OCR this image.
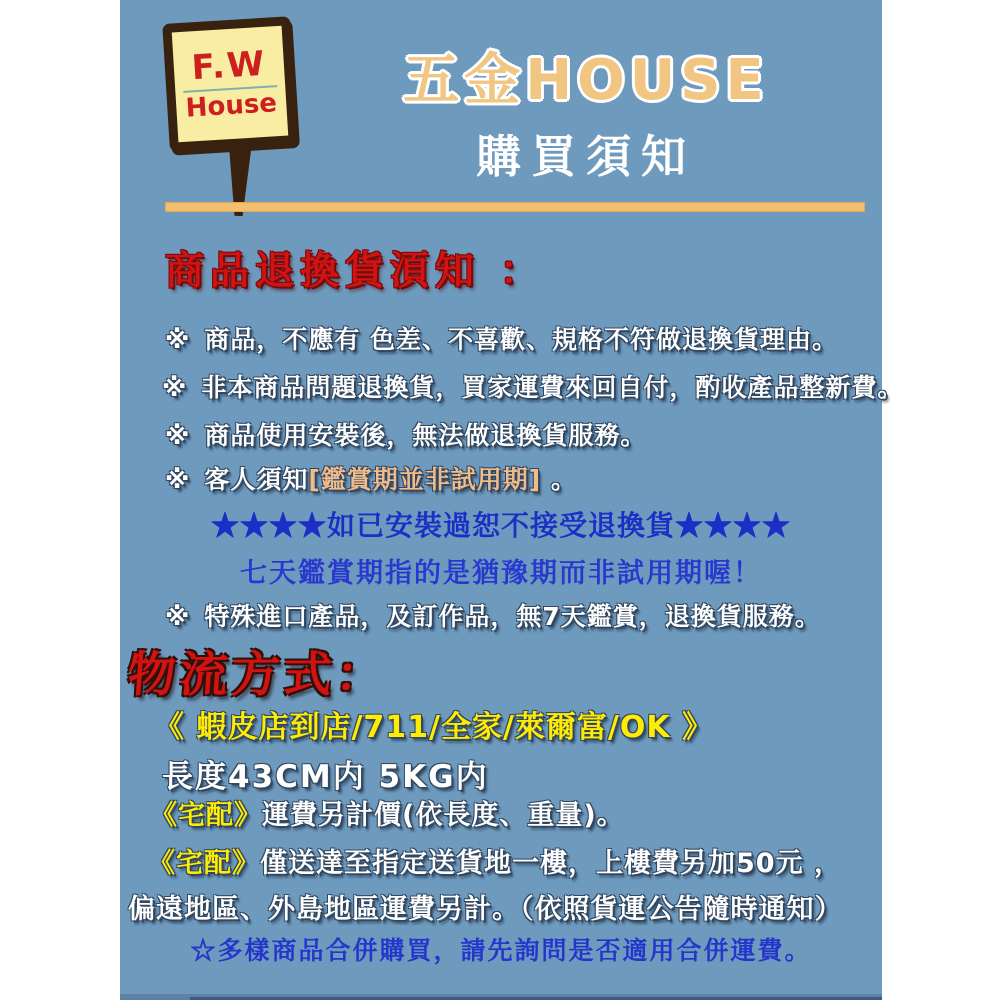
F.W
House	五金HOUSE
購買須知
商品退換貨湏知 ：
※ 商品，不應有 色差、不喜歡、規格不符做退換貨理由。
※ 非本商品問題退換貨，買家運費來回自付，酌收產品整新費。
※ 商品使用安裝後，無法做退換貨服務。
※ 客人須知[鑑賞期並非試用期] 。
★★★★如已安裝過恕不接受退換貨★★★★
七天鑑賞期指的是猶豫期而非試用期喔！
※ 特殊進口產品，及訂作品，無7天鑑賞，退換貨服務。
物流方式：
《 蝦皮店到店/711/全家/萊爾富/OK 》
長度43CM内 5KG内
《宅配》運費另計價(依長度、重量)。
《宅配》僅送達至指定送貨地一樓，上樓費另加50元 ，
偏遠地區、外島地區運費另計。（依照貨運公告隨時通知）
☆多樣商品合併購買，請先詢問是否適用合併運費。
